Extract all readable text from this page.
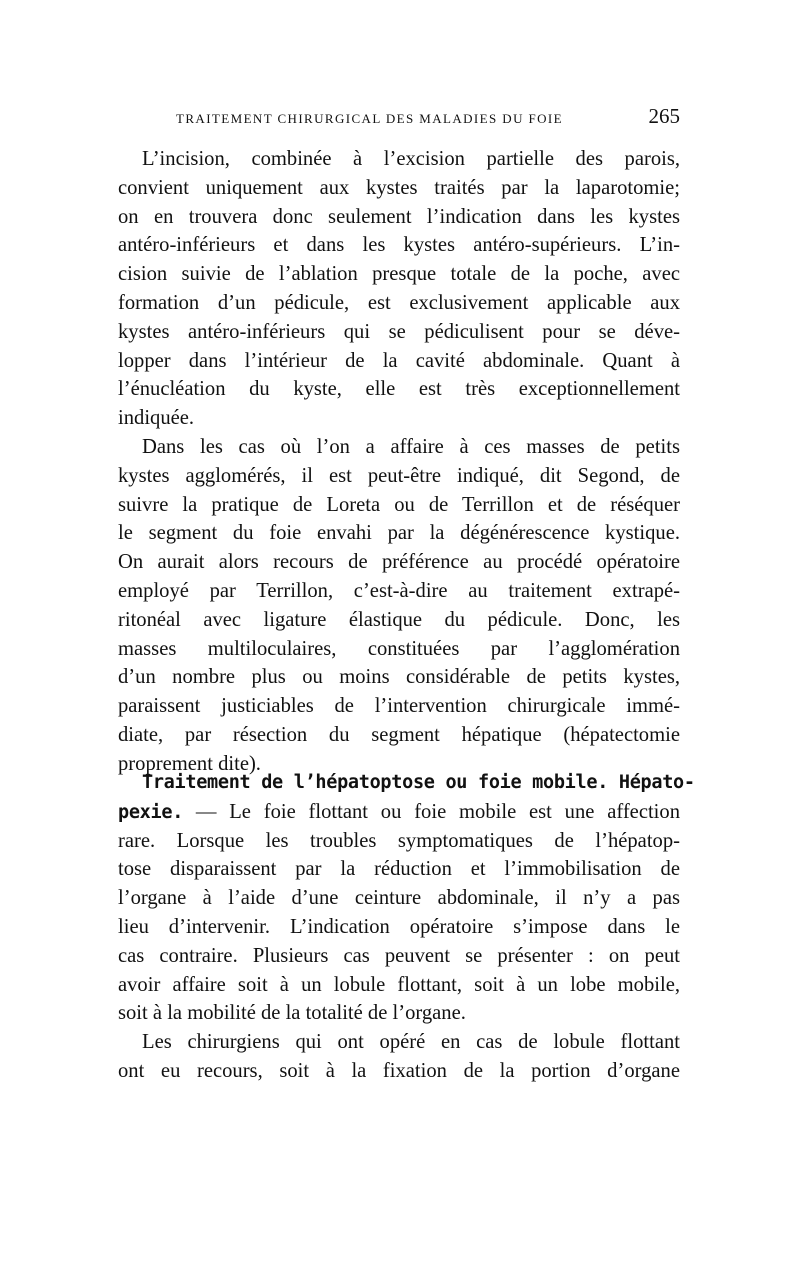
TRAITEMENT CHIRURGICAL DES MALADIES DU FOIE	265
L’incision, combinée à l’excision partielle des parois,
convient uniquement aux kystes traités par la laparotomie;
on en trouvera donc seulement l’indication dans les kystes
antéro-inférieurs et dans les kystes antéro-supérieurs. L’in-
cision suivie de l’ablation presque totale de la poche, avec
formation d’un pédicule, est exclusivement applicable aux
kystes antéro-inférieurs qui se pédiculisent pour se déve-
lopper dans l’intérieur de la cavité abdominale. Quant à
l’énucléation du kyste, elle est très exceptionnellement
indiquée.
Dans les cas où l’on a affaire à ces masses de petits
kystes agglomérés, il est peut-être indiqué, dit Segond, de
suivre la pratique de Loreta ou de Terrillon et de réséquer
le segment du foie envahi par la dégénérescence kystique.
On aurait alors recours de préférence au procédé opératoire
employé par Terrillon, c’est-à-dire au traitement extrapé-
ritonéal avec ligature élastique du pédicule. Donc, les
masses multiloculaires, constituées par l’agglomération
d’un nombre plus ou moins considérable de petits kystes,
paraissent justiciables de l’intervention chirurgicale immé-
diate, par résection du segment hépatique (hépatectomie
proprement dite).
Traitement de l’hépatoptose ou foie mobile. Hépato-
pexie. — Le foie flottant ou foie mobile est une affection
rare. Lorsque les troubles symptomatiques de l’hépatop-
tose disparaissent par la réduction et l’immobilisation de
l’organe à l’aide d’une ceinture abdominale, il n’y a pas
lieu d’intervenir. L’indication opératoire s’impose dans le
cas contraire. Plusieurs cas peuvent se présenter : on peut
avoir affaire soit à un lobule flottant, soit à un lobe mobile,
soit à la mobilité de la totalité de l’organe.
Les chirurgiens qui ont opéré en cas de lobule flottant
ont eu recours, soit à la fixation de la portion d’organe
